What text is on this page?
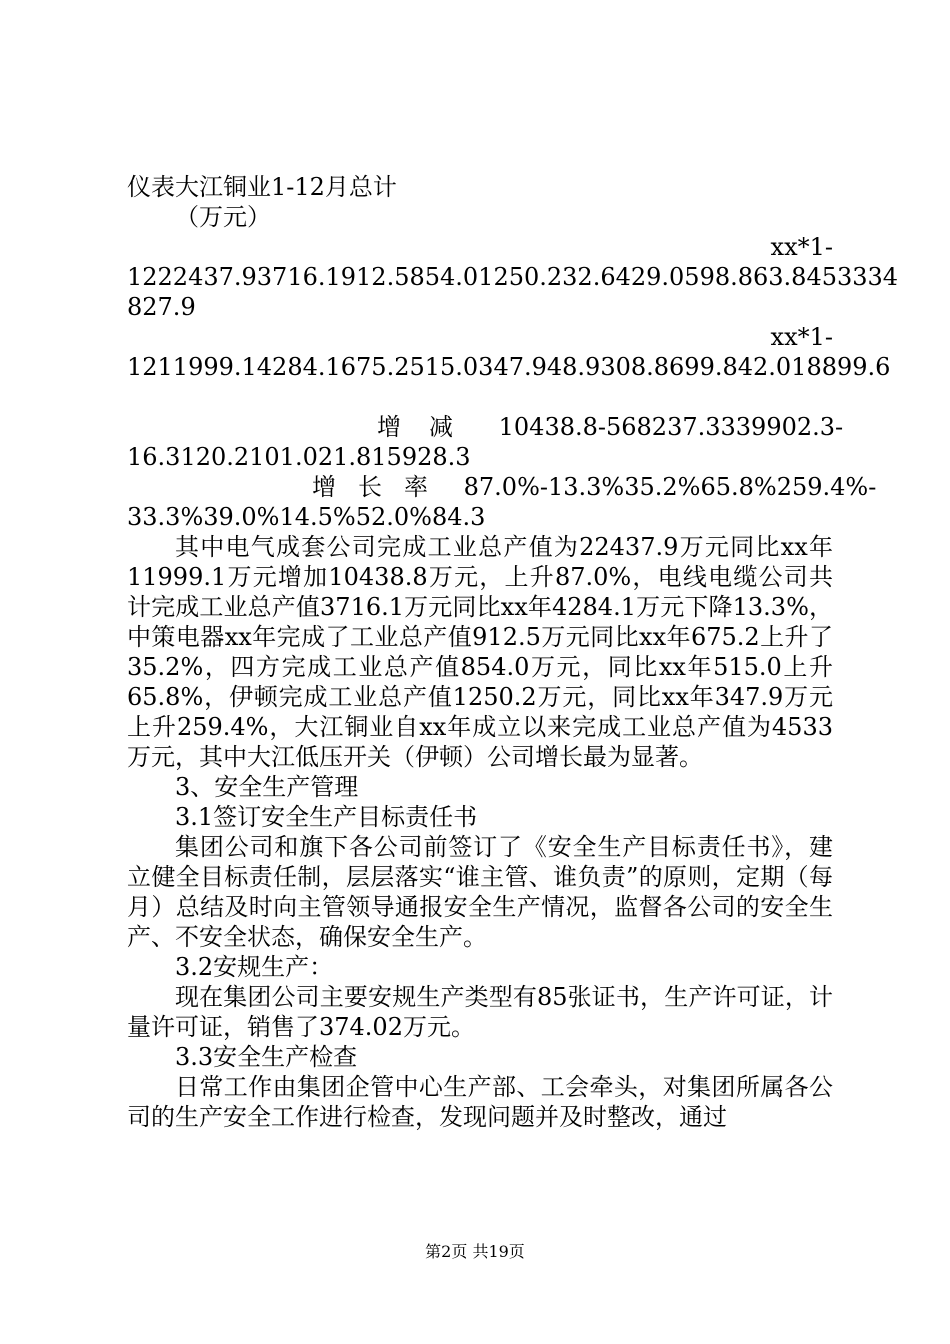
仪表大江铜业1-12月总计
（万元）
xx*1-
1222437.93716.1912.5854.01250.232.6429.0598.863.8453334
827.9
xx*1-
1211999.14284.1675.2515.0347.948.9308.8699.842.018899.6
增减 10438.8-568237.3339902.3-
16.3120.2101.021.815928.3
增长率 87.0%-13.3%35.2%65.8%259.4%-
33.3%39.0%14.5%52.0%84.3

其中电气成套公司完成工业总产值为22437.9万元同比xx年11999.1万元增加10438.8万元，上升87.0%，电线电缆公司共计完成工业总产值3716.1万元同比xx年4284.1万元下降13.3%，中策电器xx年完成了工业总产值912.5万元同比xx年675.2上升了35.2%，四方完成工业总产值854.0万元，同比xx年515.0上升65.8%，伊顿完成工业总产值1250.2万元，同比xx年347.9万元上升259.4%，大江铜业自xx年成立以来完成工业总产值为4533万元，其中大江低压开关（伊顿）公司增长最为显著。

3、安全生产管理
3.1签订安全生产目标责任书

集团公司和旗下各公司前签订了《安全生产目标责任书》，建立健全目标责任制，层层落实“谁主管、谁负责”的原则，定期（每月）总结及时向主管领导通报安全生产情况，监督各公司的安全生产、不安全状态，确保安全生产。

3.2安规生产：

现在集团公司主要安规生产类型有85张证书，生产许可证，计量许可证，销售了374.02万元。

3.3安全生产检查

日常工作由集团企管中心生产部、工会牵头，对集团所属各公司的生产安全工作进行检查，发现问题并及时整改，通过

第2页 共19页
